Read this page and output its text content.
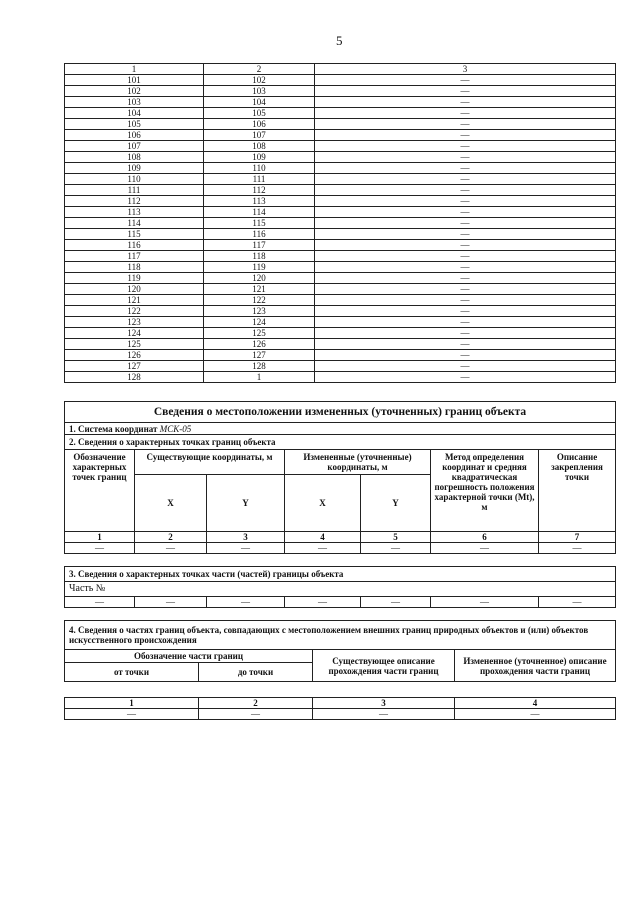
5
1	2	3
101	102	—
102	103	—
103	104	—
104	105	—
105	106	—
106	107	—
107	108	—
108	109	—
109	110	—
110	111	—
111	112	—
112	113	—
113	114	—
114	115	—
115	116	—
116	117	—
117	118	—
118	119	—
119	120	—
120	121	—
121	122	—
122	123	—
123	124	—
124	125	—
125	126	—
126	127	—
127	128	—
128	1	—
Сведения о местоположении измененных (уточненных) границ объекта						
1. Система координат МСК-05						
2. Сведения о характерных точках границ объекта						
Обозначение характерных точек границ	Существующие координаты, м		Измененные (уточненные) координаты, м		Метод определения координат и средняя квадратическая погрешность положения характерной точки (Mt), м	Описание закрепления точки
	X	Y	X	Y		
1	2	3	4	5	6	7
—	—	—	—	—	—	—

3. Сведения о характерных точках части (частей) границы объекта						
Часть №						
—	—	—	—	—	—	—
4. Сведения о частях границ объекта, совпадающих с местоположением внешних границ природных объектов и (или) объектов искусственного происхождения			
Обозначение части границ		Существующее описание прохождения части границ	Измененное (уточненное) описание прохождения части границ
от точки	до точки		
1	2	3	4
—	—	—	—
